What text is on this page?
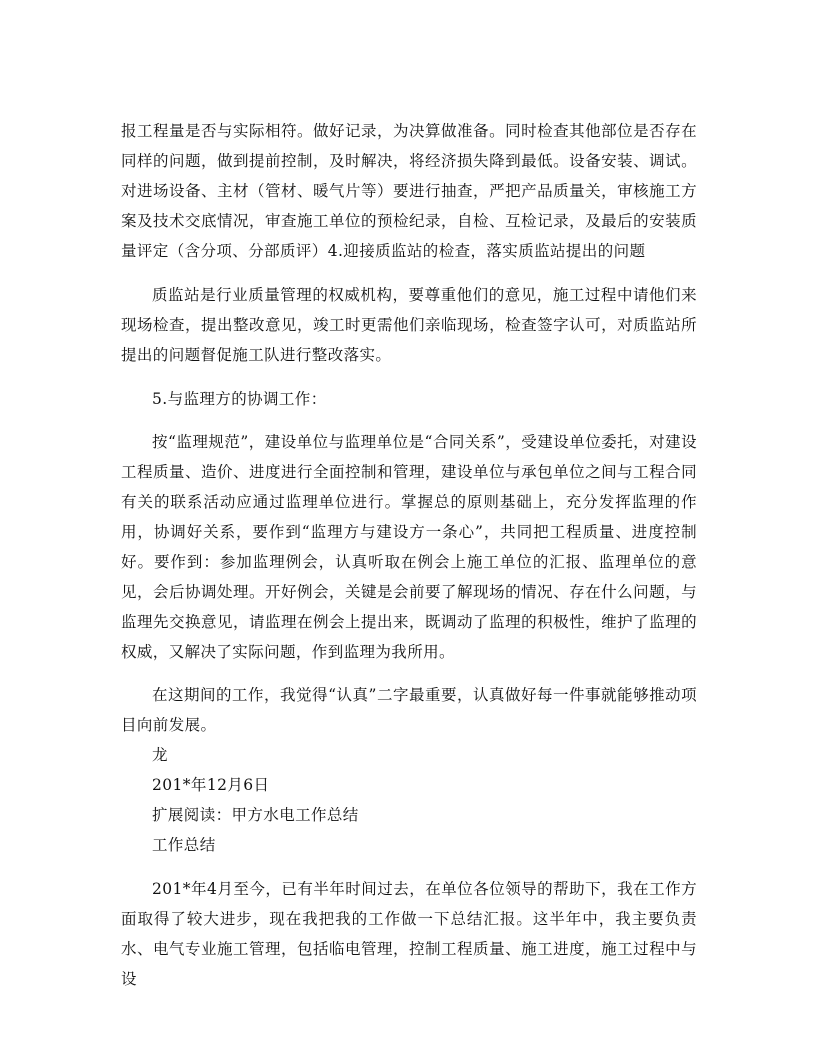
报工程量是否与实际相符。做好记录，为决算做准备。同时检查其他部位是否存在同样的问题，做到提前控制，及时解决，将经济损失降到最低。设备安装、调试。对进场设备、主材（管材、暖气片等）要进行抽查，严把产品质量关，审核施工方案及技术交底情况，审查施工单位的预检纪录，自检、互检记录，及最后的安装质量评定（含分项、分部质评）4.迎接质监站的检查，落实质监站提出的问题

质监站是行业质量管理的权威机构，要尊重他们的意见，施工过程中请他们来现场检查，提出整改意见，竣工时更需他们亲临现场，检查签字认可，对质监站所提出的问题督促施工队进行整改落实。

5.与监理方的协调工作：

按“监理规范”，建设单位与监理单位是“合同关系”，受建设单位委托，对建设工程质量、造价、进度进行全面控制和管理，建设单位与承包单位之间与工程合同有关的联系活动应通过监理单位进行。掌握总的原则基础上，充分发挥监理的作用，协调好关系，要作到“监理方与建设方一条心”，共同把工程质量、进度控制好。要作到：参加监理例会，认真听取在例会上施工单位的汇报、监理单位的意见，会后协调处理。开好例会，关键是会前要了解现场的情况、存在什么问题，与监理先交换意见，请监理在例会上提出来，既调动了监理的积极性，维护了监理的权威，又解决了实际问题，作到监理为我所用。

在这期间的工作，我觉得“认真”二字最重要，认真做好每一件事就能够推动项目向前发展。

龙

201*年12月6日

扩展阅读：甲方水电工作总结

工作总结

201*年4月至今，已有半年时间过去，在单位各位领导的帮助下，我在工作方面取得了较大进步，现在我把我的工作做一下总结汇报。这半年中，我主要负责水、电气专业施工管理，包括临电管理，控制工程质量、施工进度，施工过程中与设
